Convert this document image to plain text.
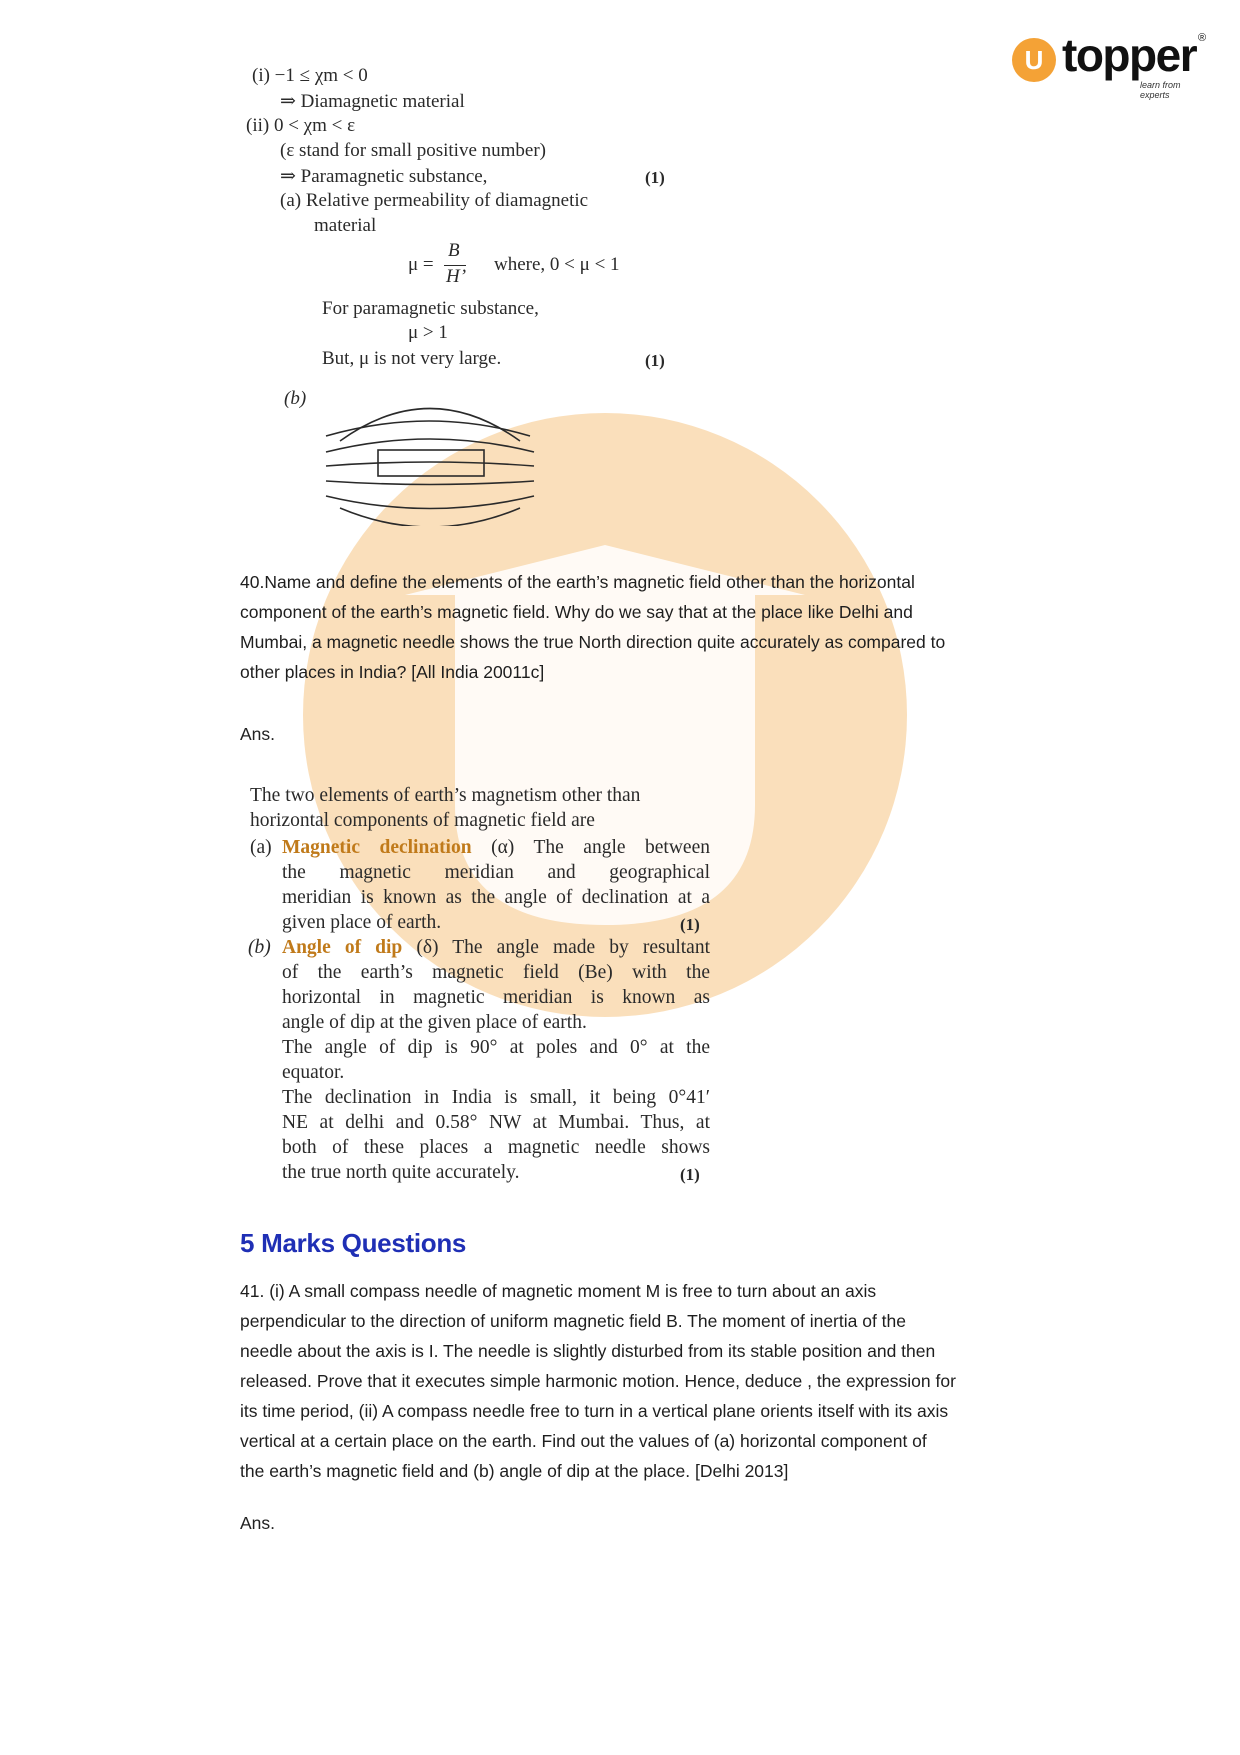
U topper ®
learn from experts
(i) −1 ≤ χm < 0
⇒ Diamagnetic material
(ii) 0 < χm < ε
(ε stand for small positive number)
⇒ Paramagnetic substance,	(1)
(a) Relative permeability of diamagnetic
material
μ =
B
H’
where, 0 < μ < 1
For paramagnetic substance,
μ > 1
But, μ is not very large.	(1)
(b)

40.Name and define the elements of the earth’s magnetic field other than the horizontal

component of the earth’s magnetic field. Why do we say that at the place like Delhi and

Mumbai, a magnetic needle shows the true North direction quite accurately as compared to

other places in India? [All India 20011c]

Ans.
The two elements of earth’s magnetism other than
horizontal components of magnetic field are
(a) Magnetic declination (α) The angle between
the magnetic meridian and geographical
meridian is known as the angle of declination at a
given place of earth.	(1)
(b) Angle of dip (δ) The angle made by resultant
of the earth’s magnetic field (Be) with the
horizontal in magnetic meridian is known as
angle of dip at the given place of earth.
The angle of dip is 90° at poles and 0° at the
equator.
The declination in India is small, it being 0°41′
NE at delhi and 0.58° NW at Mumbai. Thus, at
both of these places a magnetic needle shows
the true north quite accurately.	(1)
5 Marks Questions

41. (i) A small compass needle of magnetic moment M is free to turn about an axis

perpendicular to the direction of uniform magnetic field B. The moment of inertia of the

needle about the axis is I. The needle is slightly disturbed from its stable position and then

released. Prove that it executes simple harmonic motion. Hence, deduce , the expression for

its time period, (ii) A compass needle free to turn in a vertical plane orients itself with its axis

vertical at a certain place on the earth. Find out the values of (a) horizontal component of

the earth’s magnetic field and (b) angle of dip at the place. [Delhi 2013]

Ans.
